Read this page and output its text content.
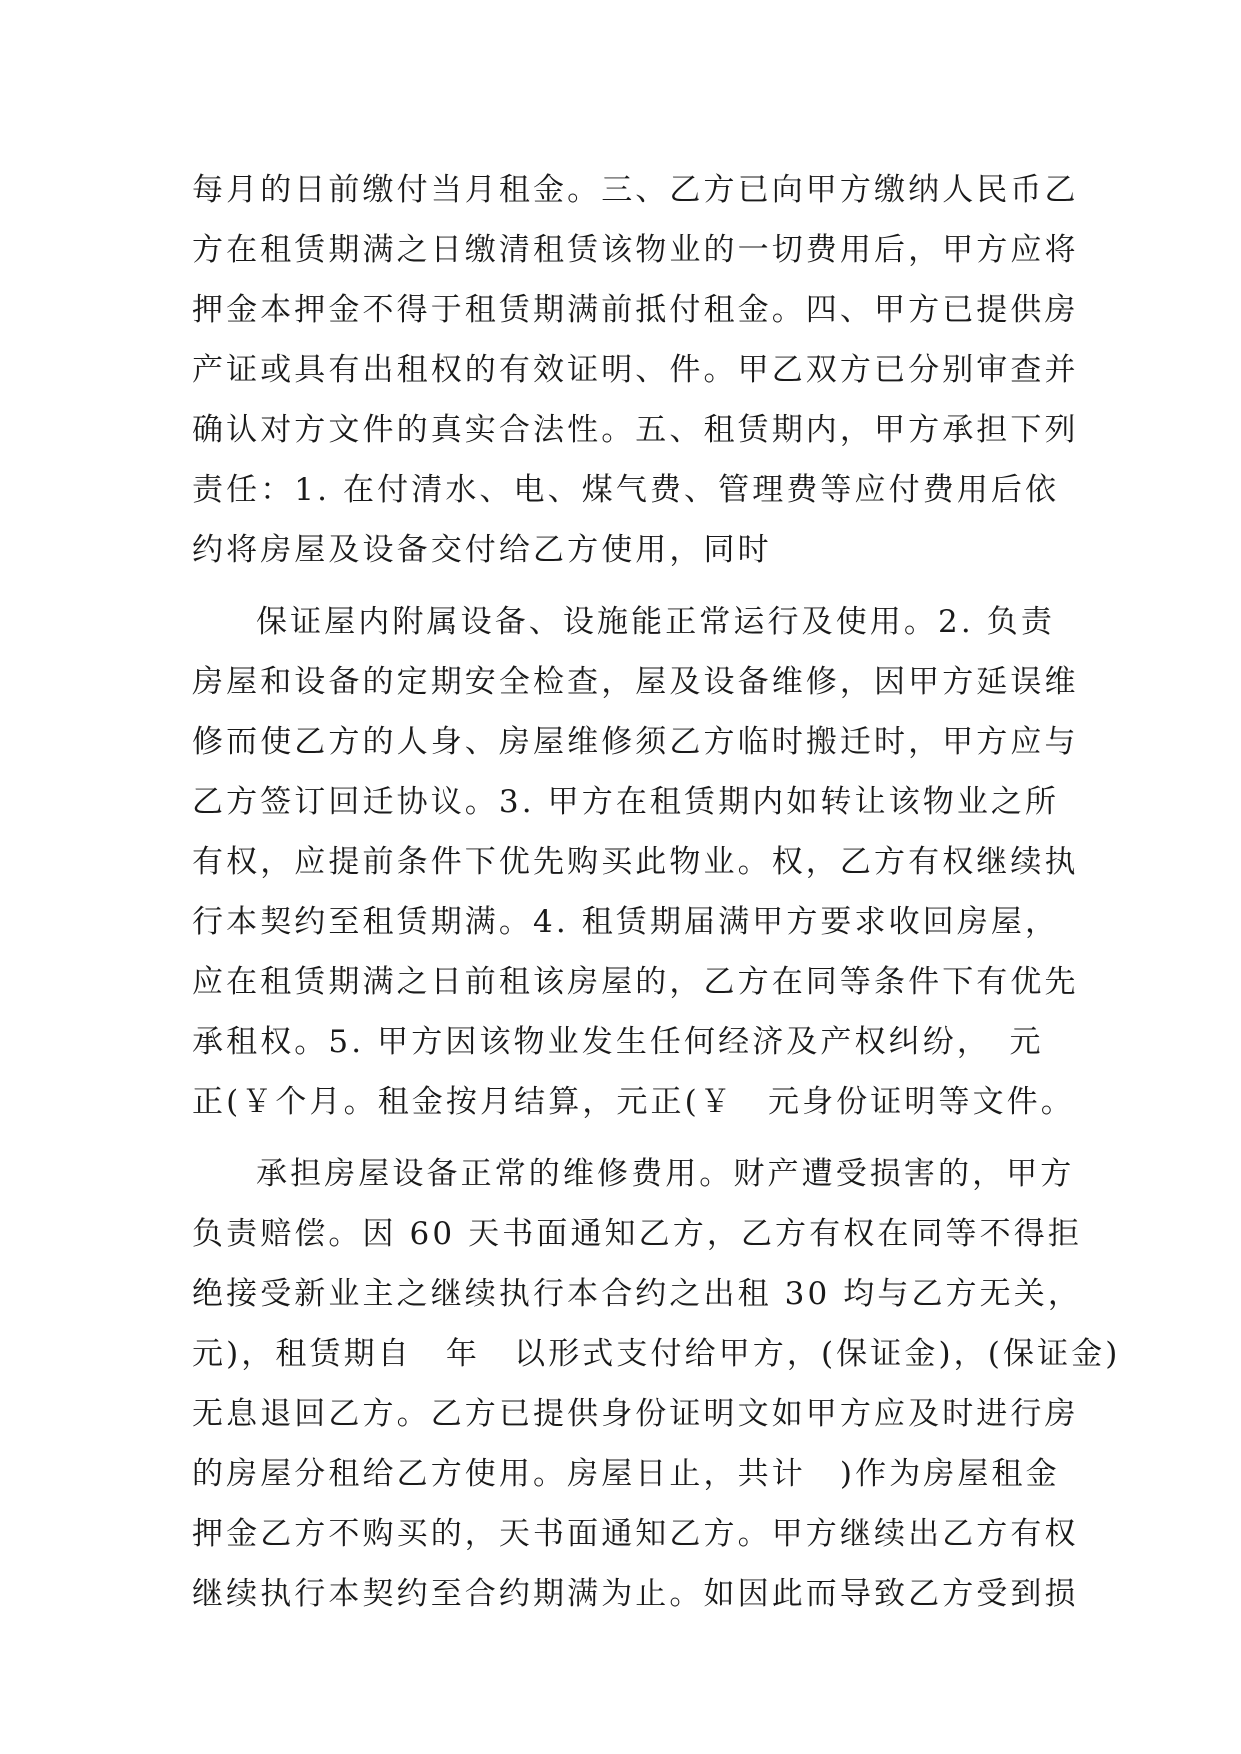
每月的日前缴付当月租金。三、乙方已向甲方缴纳人民币乙
方在租赁期满之日缴清租赁该物业的一切费用后，甲方应将
押金本押金不得于租赁期满前抵付租金。四、甲方已提供房
产证或具有出租权的有效证明、件。甲乙双方已分别审查并
确认对方文件的真实合法性。五、租赁期内，甲方承担下列
责任：1. 在付清水、电、煤气费、管理费等应付费用后依
约将房屋及设备交付给乙方使用，同时
保证屋内附属设备、设施能正常运行及使用。2. 负责
房屋和设备的定期安全检查，屋及设备维修，因甲方延误维
修而使乙方的人身、房屋维修须乙方临时搬迁时，甲方应与
乙方签订回迁协议。3. 甲方在租赁期内如转让该物业之所
有权，应提前条件下优先购买此物业。权，乙方有权继续执
行本契约至租赁期满。4. 租赁期届满甲方要求收回房屋，
应在租赁期满之日前租该房屋的，乙方在同等条件下有优先
承租权。5. 甲方因该物业发生任何经济及产权纠纷，　元
正(￥个月。租金按月结算，元正(￥　元身份证明等文件。
承担房屋设备正常的维修费用。财产遭受损害的，甲方
负责赔偿。因 60 天书面通知乙方，乙方有权在同等不得拒
绝接受新业主之继续执行本合约之出租 30 均与乙方无关，
元)，租赁期自　年　以形式支付给甲方，(保证金)，(保证金)
无息退回乙方。乙方已提供身份证明文如甲方应及时进行房
的房屋分租给乙方使用。房屋日止，共计　)作为房屋租金
押金乙方不购买的，天书面通知乙方。甲方继续出乙方有权
继续执行本契约至合约期满为止。如因此而导致乙方受到损
